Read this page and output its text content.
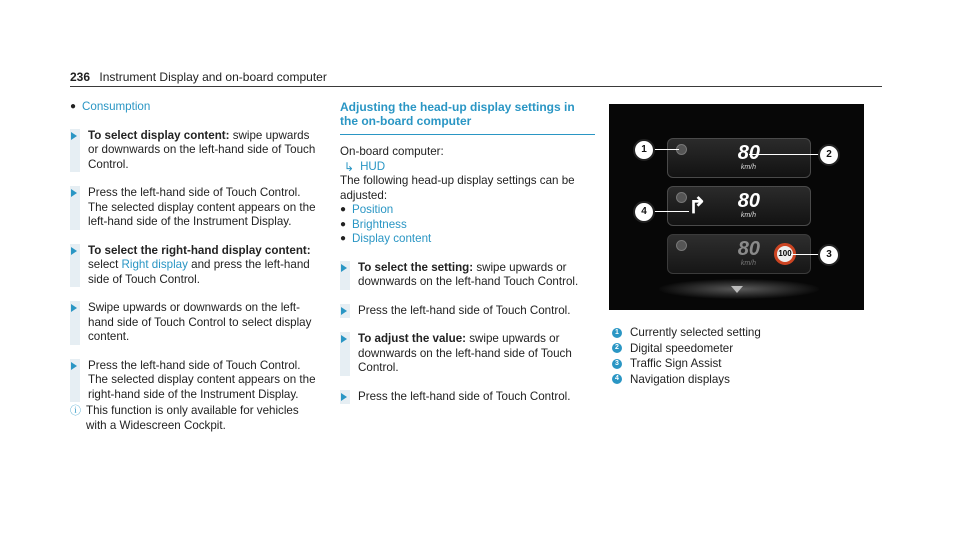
236 Instrument Display and on-board computer
● Consumption
To select display content: swipe upwards or downwards on the left-hand side of Touch Control.
Press the left-hand side of Touch Control. The selected display content appears on the left-hand side of the Instrument Display.
To select the right-hand display content: select Right display and press the left-hand side of Touch Control.
Swipe upwards or downwards on the left-hand side of Touch Control to select display content.
Press the left-hand side of Touch Control. The selected display content appears on the right-hand side of the Instrument Display.
ⓘ This function is only available for vehicles with a Widescreen Cockpit.
Adjusting the head-up display settings in the on-board computer
On-board computer:
↳ HUD
The following head-up display settings can be adjusted:
● Position
● Brightness
● Display content
To select the setting: swipe upwards or downwards on the left-hand Touch Control.
Press the left-hand side of Touch Control.
To adjust the value: swipe upwards or downwards on the left-hand side of Touch Control.
Press the left-hand side of Touch Control.
80
km/h
↱ 80
km/h
80
km/h
100
1	2
4
3
1 Currently selected setting
2 Digital speedometer
3 Traffic Sign Assist
4 Navigation displays
